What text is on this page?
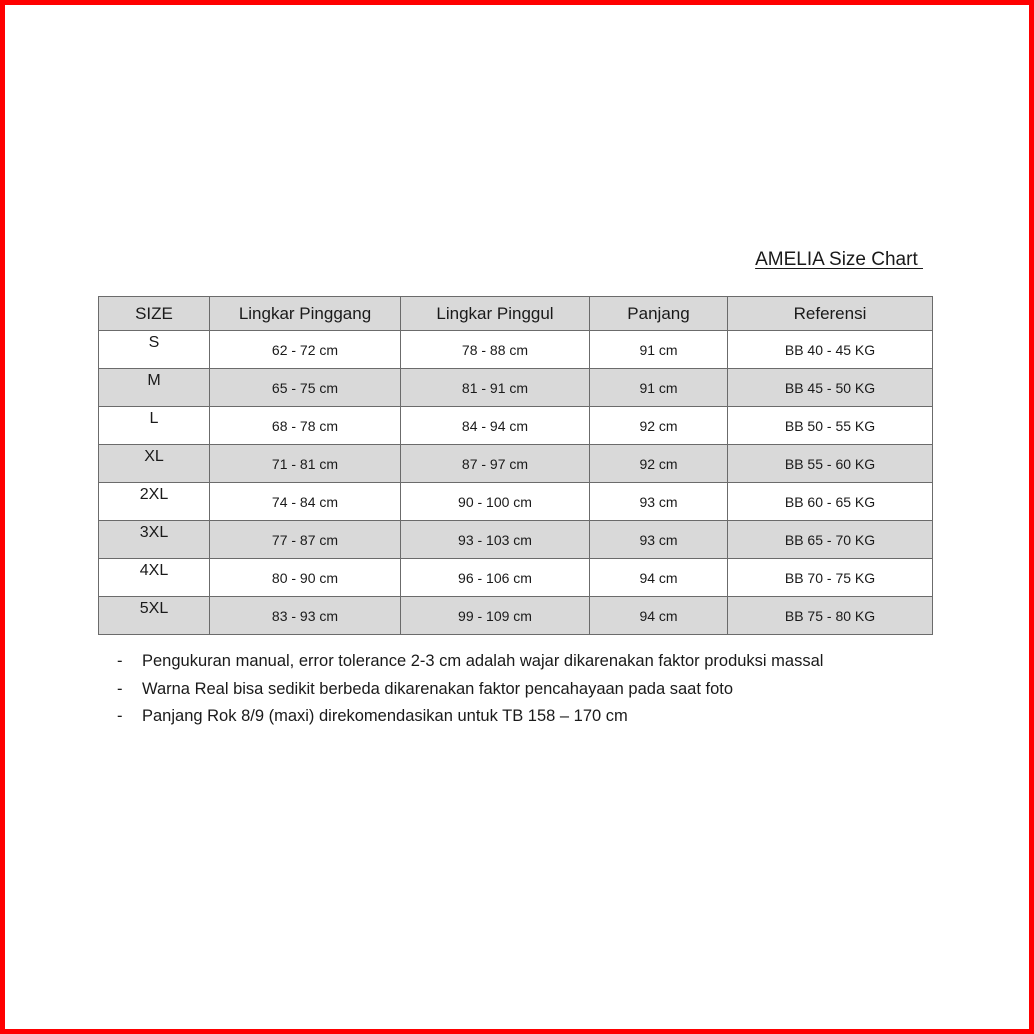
AMELIA Size Chart
SIZE	Lingkar Pinggang	Lingkar Pinggul	Panjang	Referensi
S	62 - 72 cm	78 - 88 cm	91 cm	BB 40 - 45 KG
M	65 - 75 cm	81 - 91 cm	91 cm	BB 45 - 50 KG
L	68 - 78 cm	84 - 94 cm	92 cm	BB 50 - 55 KG
XL	71 - 81 cm	87 - 97 cm	92 cm	BB 55 - 60 KG
2XL	74 - 84 cm	90 - 100 cm	93 cm	BB 60 - 65 KG
3XL	77 - 87 cm	93 - 103 cm	93 cm	BB 65 - 70 KG
4XL	80 - 90 cm	96 - 106 cm	94 cm	BB 70 - 75 KG
5XL	83 - 93 cm	99 - 109 cm	94 cm	BB 75 - 80 KG
- Pengukuran manual, error tolerance 2-3 cm adalah wajar dikarenakan faktor produksi massal
- Warna Real bisa sedikit berbeda dikarenakan faktor pencahayaan pada saat foto
- Panjang Rok 8/9 (maxi) direkomendasikan untuk TB 158 – 170 cm
